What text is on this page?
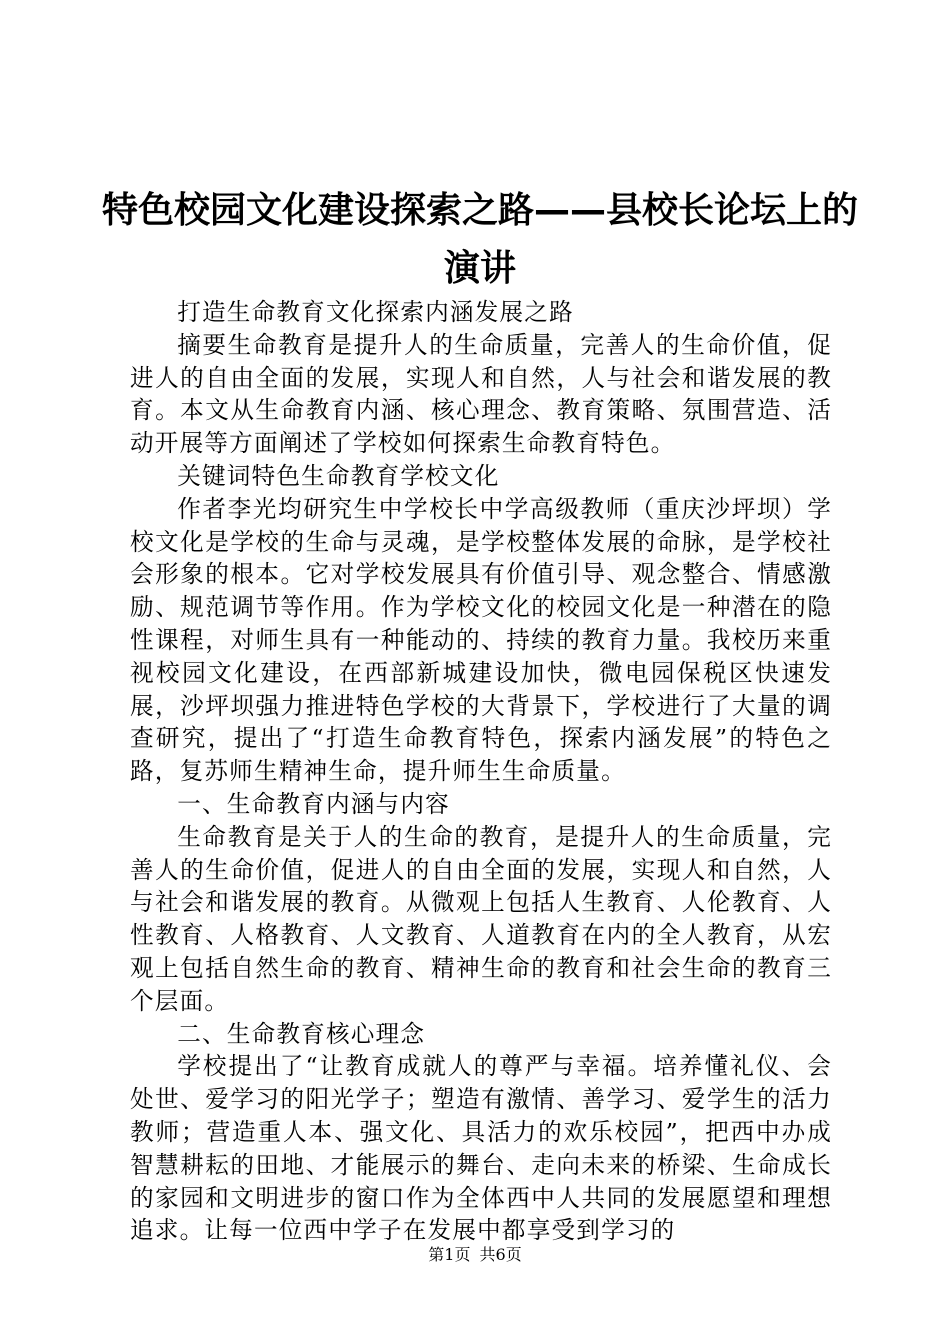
特色校园文化建设探索之路——县校长论坛上的演讲

打造生命教育文化探索内涵发展之路

摘要生命教育是提升人的生命质量，完善人的生命价值，促进人的自由全面的发展，实现人和自然，人与社会和谐发展的教育。本文从生命教育内涵、核心理念、教育策略、氛围营造、活动开展等方面阐述了学校如何探索生命教育特色。

关键词特色生命教育学校文化

作者李光均研究生中学校长中学高级教师（重庆沙坪坝）学校文化是学校的生命与灵魂，是学校整体发展的命脉，是学校社会形象的根本。它对学校发展具有价值引导、观念整合、情感激励、规范调节等作用。作为学校文化的校园文化是一种潜在的隐性课程，对师生具有一种能动的、持续的教育力量。我校历来重视校园文化建设，在西部新城建设加快，微电园保税区快速发展，沙坪坝强力推进特色学校的大背景下，学校进行了大量的调查研究，提出了“打造生命教育特色，探索内涵发展”的特色之路，复苏师生精神生命，提升师生生命质量。

一、生命教育内涵与内容

生命教育是关于人的生命的教育，是提升人的生命质量，完善人的生命价值，促进人的自由全面的发展，实现人和自然，人与社会和谐发展的教育。从微观上包括人生教育、人伦教育、人性教育、人格教育、人文教育、人道教育在内的全人教育，从宏观上包括自然生命的教育、精神生命的教育和社会生命的教育三个层面。

二、生命教育核心理念

学校提出了“让教育成就人的尊严与幸福。培养懂礼仪、会处世、爱学习的阳光学子；塑造有激情、善学习、爱学生的活力教师；营造重人本、强文化、具活力的欢乐校园”，把西中办成智慧耕耘的田地、才能展示的舞台、走向未来的桥梁、生命成长的家园和文明进步的窗口作为全体西中人共同的发展愿望和理想追求。让每一位西中学子在发展中都享受到学习的

第1页 共6页
